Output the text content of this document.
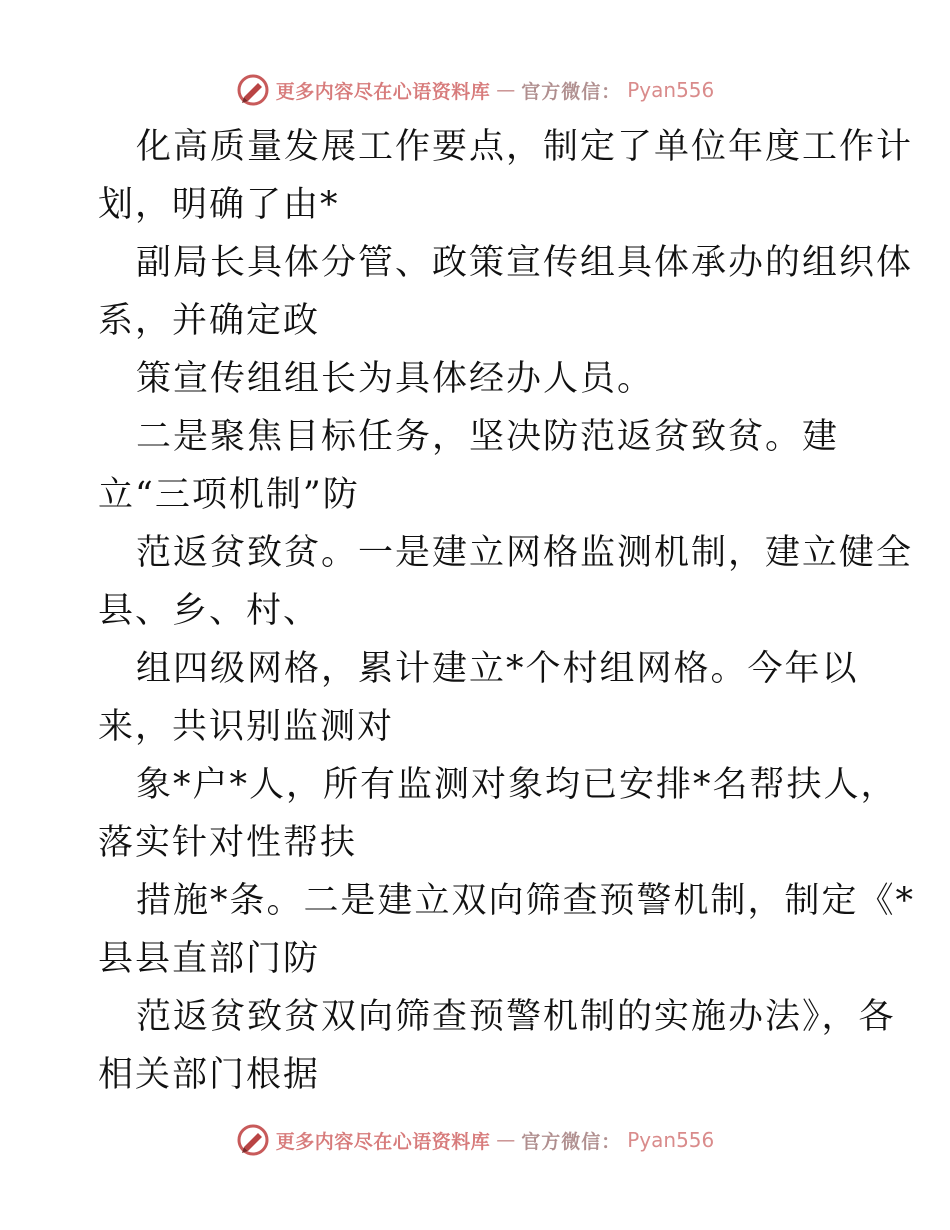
更多内容尽在心语资料库 — 官方微信： Pyan556
化高质量发展工作要点，制定了单位年度工作计
划，明确了由*
副局长具体分管、政策宣传组具体承办的组织体
系，并确定政
策宣传组组长为具体经办人员。
二是聚焦目标任务，坚决防范返贫致贫。建
立“三项机制”防
范返贫致贫。一是建立网格监测机制，建立健全
县、乡、村、
组四级网格，累计建立*个村组网格。今年以
来，共识别监测对
象*户*人，所有监测对象均已安排*名帮扶人，
落实针对性帮扶
措施*条。二是建立双向筛查预警机制，制定《*
县县直部门防
范返贫致贫双向筛查预警机制的实施办法》，各
相关部门根据
更多内容尽在心语资料库 — 官方微信： Pyan556
